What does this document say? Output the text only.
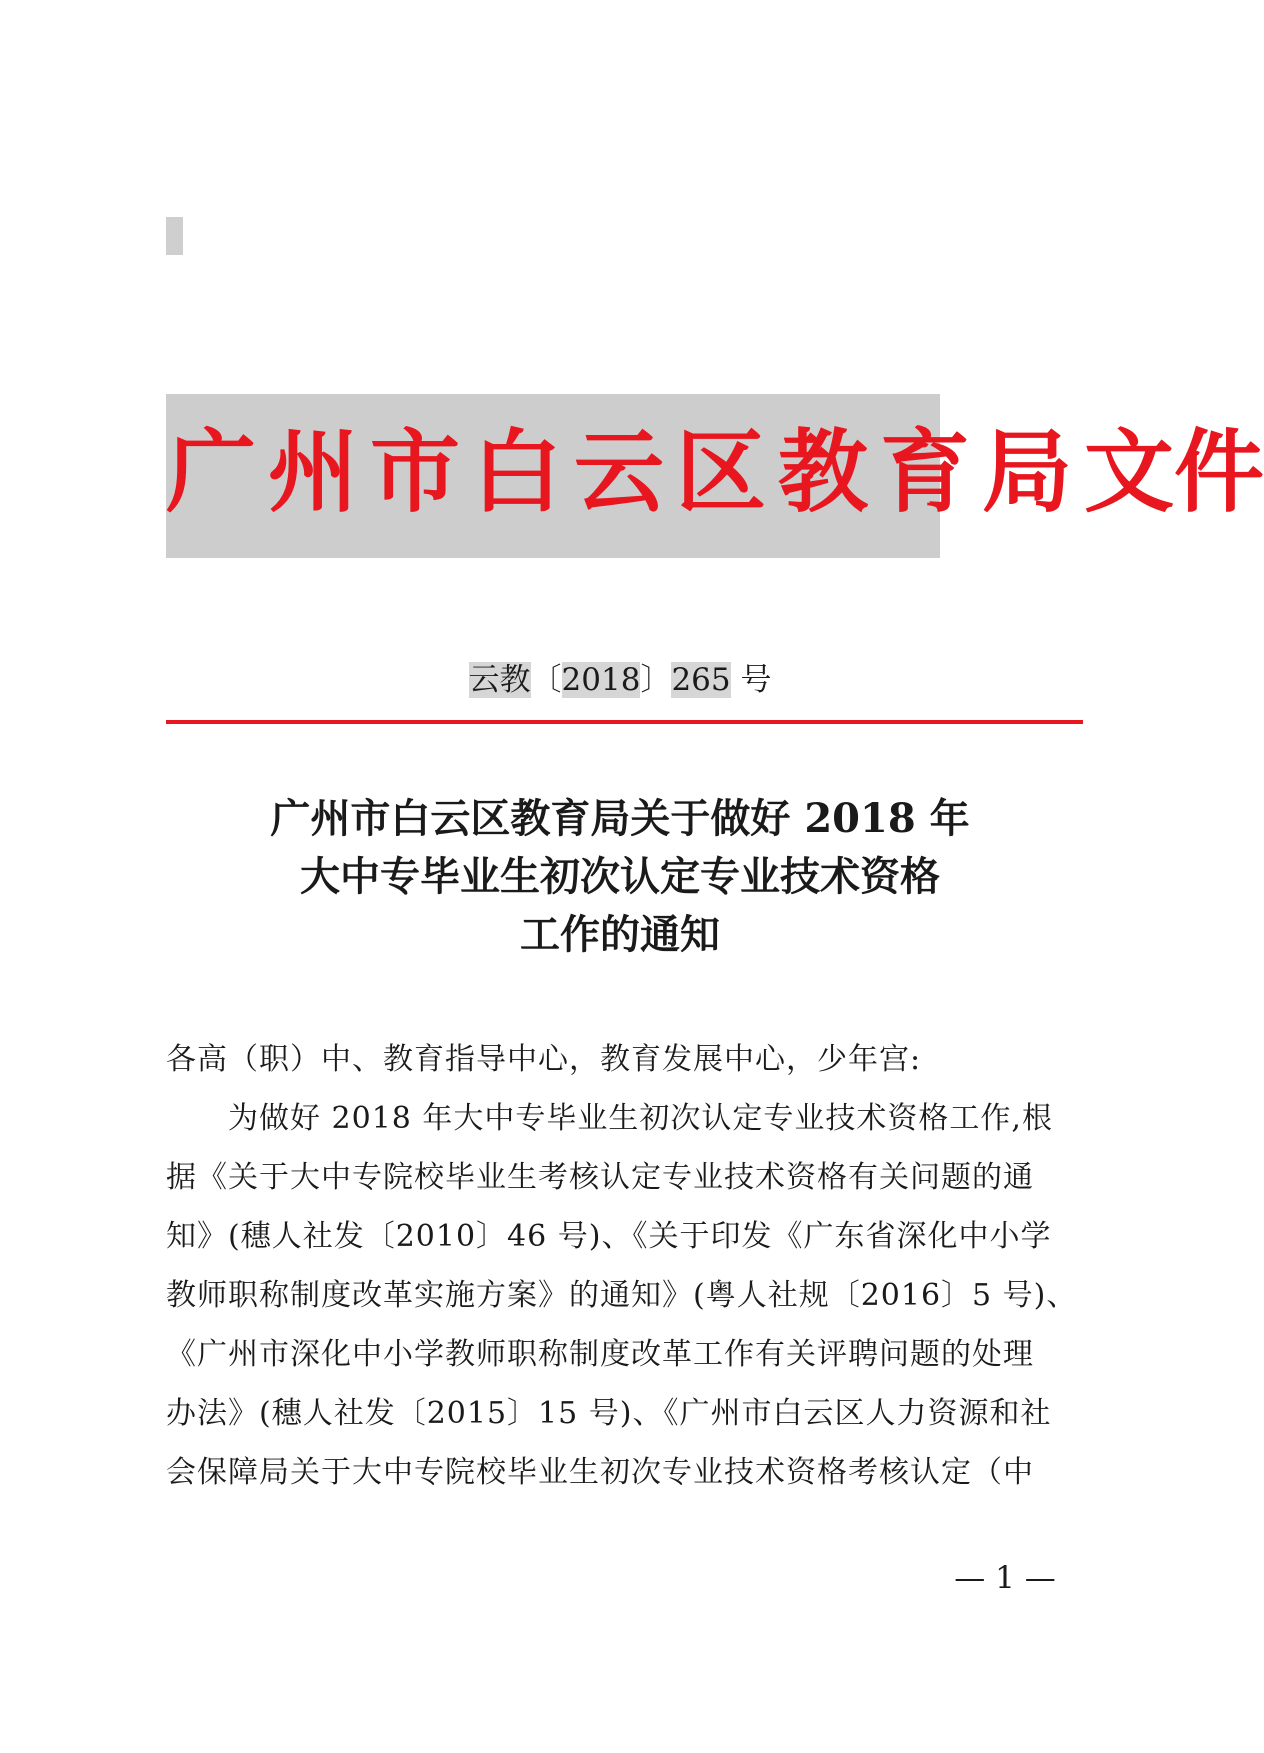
广州市白云区教育局文件
云教〔2018〕265 号
广州市白云区教育局关于做好 2018 年
大中专毕业生初次认定专业技术资格
工作的通知
各高（职）中、教育指导中心，教育发展中心，少年宫:
为做好 2018 年大中专毕业生初次认定专业技术资格工作,根
据《关于大中专院校毕业生考核认定专业技术资格有关问题的通
知》(穗人社发〔2010〕46 号)、《关于印发《广东省深化中小学
教师职称制度改革实施方案》的通知》(粤人社规〔2016〕5 号)、
《广州市深化中小学教师职称制度改革工作有关评聘问题的处理
办法》(穗人社发〔2015〕15 号)、《广州市白云区人力资源和社
会保障局关于大中专院校毕业生初次专业技术资格考核认定（中
— 1 —
